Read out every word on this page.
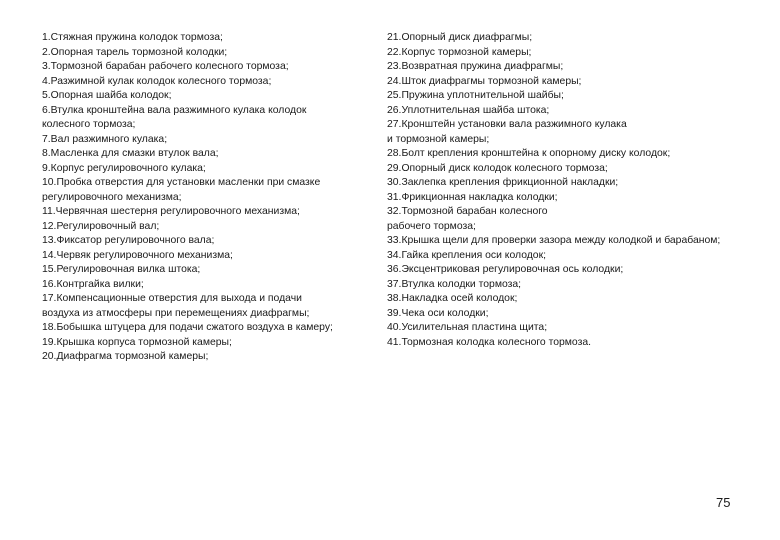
1.Стяжная пружина колодок тормоза;
2.Опорная тарель тормозной колодки;
3.Тормозной барабан рабочего колесного тормоза;
4.Разжимной кулак колодок колесного тормоза;
5.Опорная шайба колодок;
6.Втулка кронштейна вала разжимного кулака колодок
колесного тормоза;
7.Вал разжимного кулака;
8.Масленка для смазки втулок вала;
9.Корпус регулировочного кулака;
10.Пробка отверстия для установки масленки при смазке
регулировочного механизма;
11.Червячная шестерня регулировочного механизма;
12.Регулировочный вал;
13.Фиксатор регулировочного вала;
14.Червяк регулировочного механизма;
15.Регулировочная вилка штока;
16.Контргайка вилки;
17.Компенсационные отверстия для выхода и подачи
воздуха из атмосферы при перемещениях диафрагмы;
18.Бобышка штуцера для подачи сжатого воздуха в камеру;
19.Крышка корпуса тормозной камеры;
20.Диафрагма тормозной камеры;
21.Опорный диск диафрагмы;
22.Корпус тормозной камеры;
23.Возвратная пружина диафрагмы;
24.Шток диафрагмы тормозной камеры;
25.Пружина уплотнительной шайбы;
26.Уплотнительная шайба штока;
27.Кронштейн установки вала разжимного кулака
и тормозной камеры;
28.Болт крепления кронштейна к опорному диску колодок;
29.Опорный диск колодок колесного тормоза;
30.Заклепка крепления фрикционной накладки;
31.Фрикционная накладка колодки;
32.Тормозной барабан колесного
рабочего тормоза;
33.Крышка щели для проверки зазора между колодкой и барабаном;
34.Гайка крепления оси колодок;
36.Эксцентриковая регулировочная ось колодки;
37.Втулка колодки тормоза;
38.Накладка осей колодок;
39.Чека оси колодки;
40.Усилительная пластина щита;
41.Тормозная колодка колесного тормоза.
75
